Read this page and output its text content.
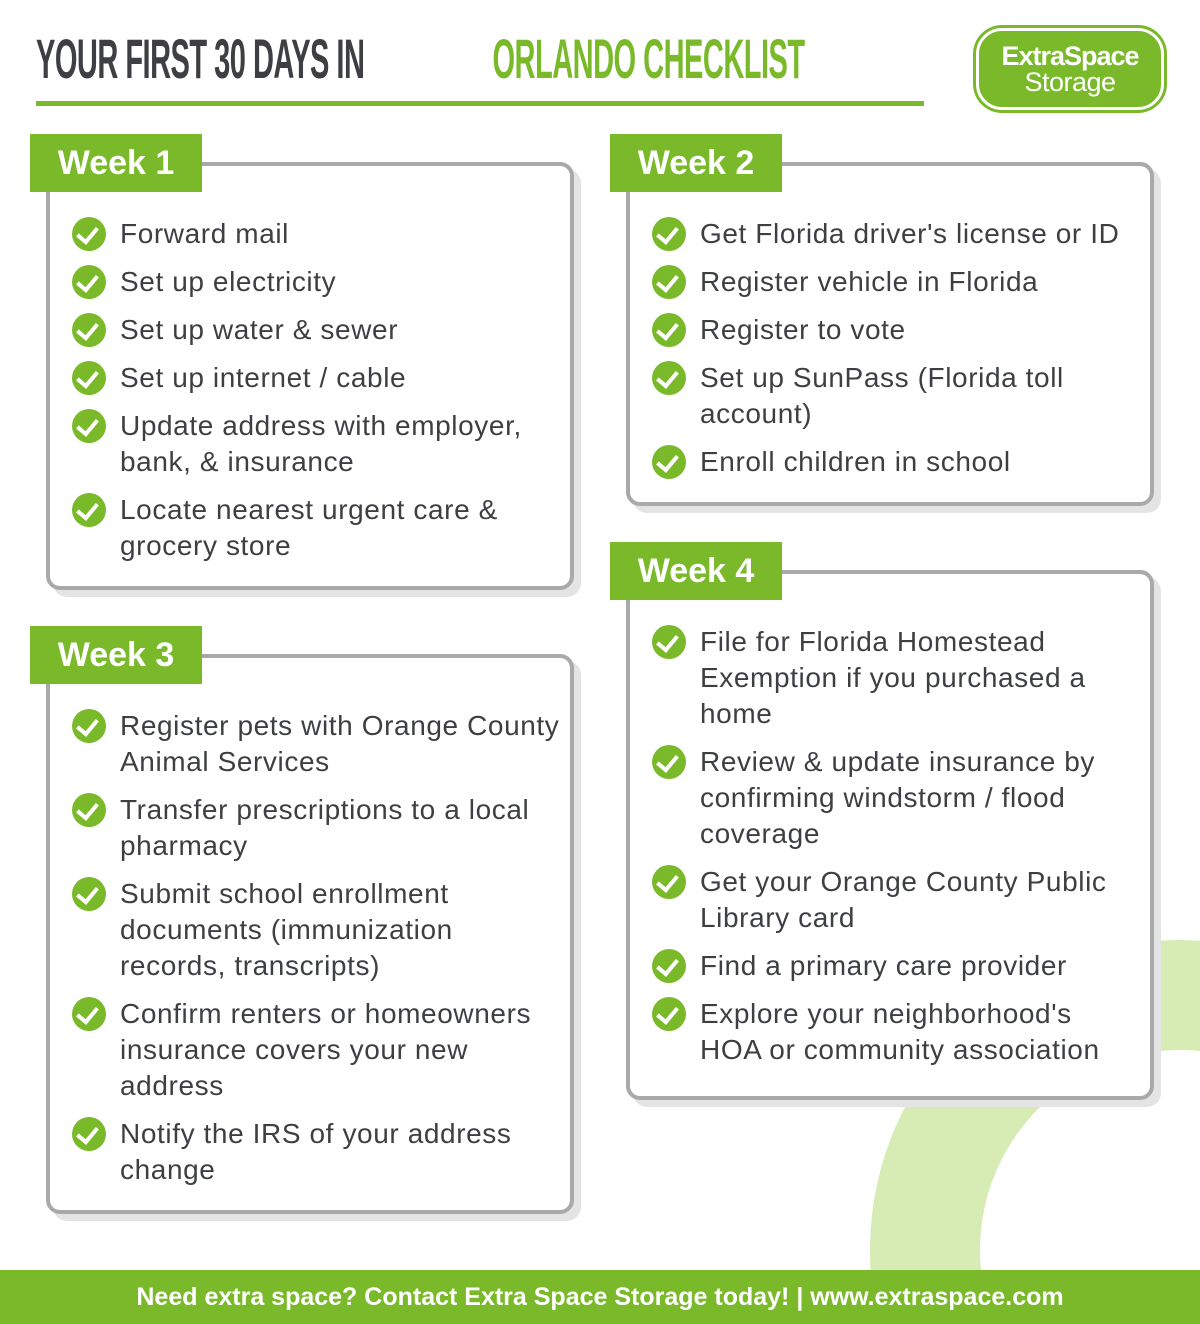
YOUR FIRST 30 DAYS INORLANDO CHECKLIST	ExtraSpace
Storage
Week 1
Forward mail
Set up electricity
Set up water & sewer
Set up internet / cable
Update address with employer, bank, & insurance
Locate nearest urgent care & grocery store
Week 2
Get Florida driver's license or ID
Register vehicle in Florida
Register to vote
Set up SunPass (Florida toll account)
Enroll children in school
Week 3
Register pets with Orange County Animal Services
Transfer prescriptions to a local pharmacy
Submit school enrollment documents (immunization records, transcripts)
Confirm renters or homeowners insurance covers your new address
Notify the IRS of your address change
Week 4
File for Florida Homestead Exemption if you purchased a home
Review & update insurance by confirming windstorm / flood coverage
Get your Orange County Public Library card
Find a primary care provider
Explore your neighborhood's HOA or community association
Need extra space? Contact Extra Space Storage today! | www.extraspace.com
